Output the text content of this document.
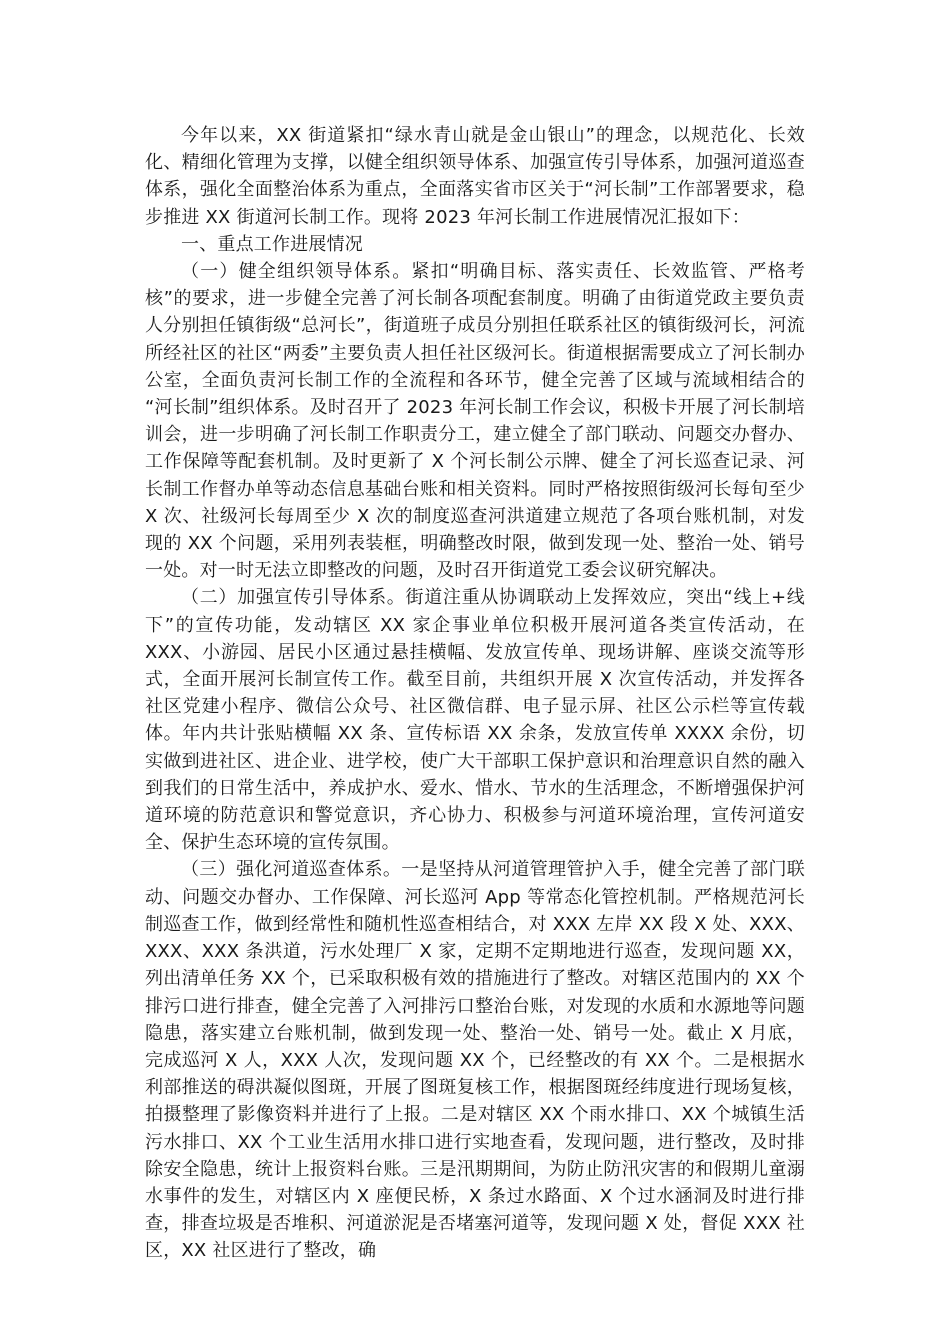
今年以来，XX 街道紧扣“绿水青山就是金山银山”的理念，以规范化、长效化、精细化管理为支撑，以健全组织领导体系、加强宣传引导体系，加强河道巡查体系，强化全面整治体系为重点，全面落实省市区关于“河长制”工作部署要求，稳步推进 XX 街道河长制工作。现将 2023 年河长制工作进展情况汇报如下：

一、重点工作进展情况

（一）健全组织领导体系。紧扣“明确目标、落实责任、长效监管、严格考核”的要求，进一步健全完善了河长制各项配套制度。明确了由街道党政主要负责人分别担任镇街级“总河长”，街道班子成员分别担任联系社区的镇街级河长，河流所经社区的社区“两委”主要负责人担任社区级河长。街道根据需要成立了河长制办公室，全面负责河长制工作的全流程和各环节，健全完善了区域与流域相结合的 “河长制”组织体系。及时召开了 2023 年河长制工作会议，积极卡开展了河长制培训会，进一步明确了河长制工作职责分工，建立健全了部门联动、问题交办督办、工作保障等配套机制。及时更新了 X 个河长制公示牌、健全了河长巡查记录、河长制工作督办单等动态信息基础台账和相关资料。同时严格按照街级河长每旬至少 X 次、社级河长每周至少 X 次的制度巡查河洪道建立规范了各项台账机制，对发现的 XX 个问题，采用列表装框，明确整改时限，做到发现一处、整治一处、销号一处。对一时无法立即整改的问题，及时召开街道党工委会议研究解决。

（二）加强宣传引导体系。街道注重从协调联动上发挥效应，突出“线上+线下”的宣传功能，发动辖区 XX 家企事业单位积极开展河道各类宣传活动，在 XXX、小游园、居民小区通过悬挂横幅、发放宣传单、现场讲解、座谈交流等形式，全面开展河长制宣传工作。截至目前，共组织开展 X 次宣传活动，并发挥各社区党建小程序、微信公众号、社区微信群、电子显示屏、社区公示栏等宣传载体。年内共计张贴横幅 XX 条、宣传标语 XX 余条，发放宣传单 XXXX 余份，切实做到进社区、进企业、进学校，使广大干部职工保护意识和治理意识自然的融入到我们的日常生活中，养成护水、爱水、惜水、节水的生活理念，不断增强保护河道环境的防范意识和警觉意识，齐心协力、积极参与河道环境治理，宣传河道安全、保护生态环境的宣传氛围。

（三）强化河道巡查体系。一是坚持从河道管理管护入手，健全完善了部门联动、问题交办督办、工作保障、河长巡河 App 等常态化管控机制。严格规范河长制巡查工作，做到经常性和随机性巡查相结合，对 XXX 左岸 XX 段 X 处、XXX、XXX、XXX 条洪道，污水处理厂 X 家，定期不定期地进行巡查，发现问题 XX，列出清单任务 XX 个，已采取积极有效的措施进行了整改。对辖区范围内的 XX 个排污口进行排查，健全完善了入河排污口整治台账，对发现的水质和水源地等问题隐患，落实建立台账机制，做到发现一处、整治一处、销号一处。截止 X 月底，完成巡河 X 人，XXX 人次，发现问题 XX 个，已经整改的有 XX 个。二是根据水利部推送的碍洪凝似图斑，开展了图斑复核工作，根据图斑经纬度进行现场复核，拍摄整理了影像资料并进行了上报。二是对辖区 XX 个雨水排口、XX 个城镇生活污水排口、XX 个工业生活用水排口进行实地查看，发现问题，进行整改，及时排除安全隐患，统计上报资料台账。三是汛期期间，为防止防汛灾害的和假期儿童溺水事件的发生，对辖区内 X 座便民桥，X 条过水路面、X 个过水涵洞及时进行排查，排查垃圾是否堆积、河道淤泥是否堵塞河道等，发现问题 X 处，督促 XXX 社区，XX 社区进行了整改，确
